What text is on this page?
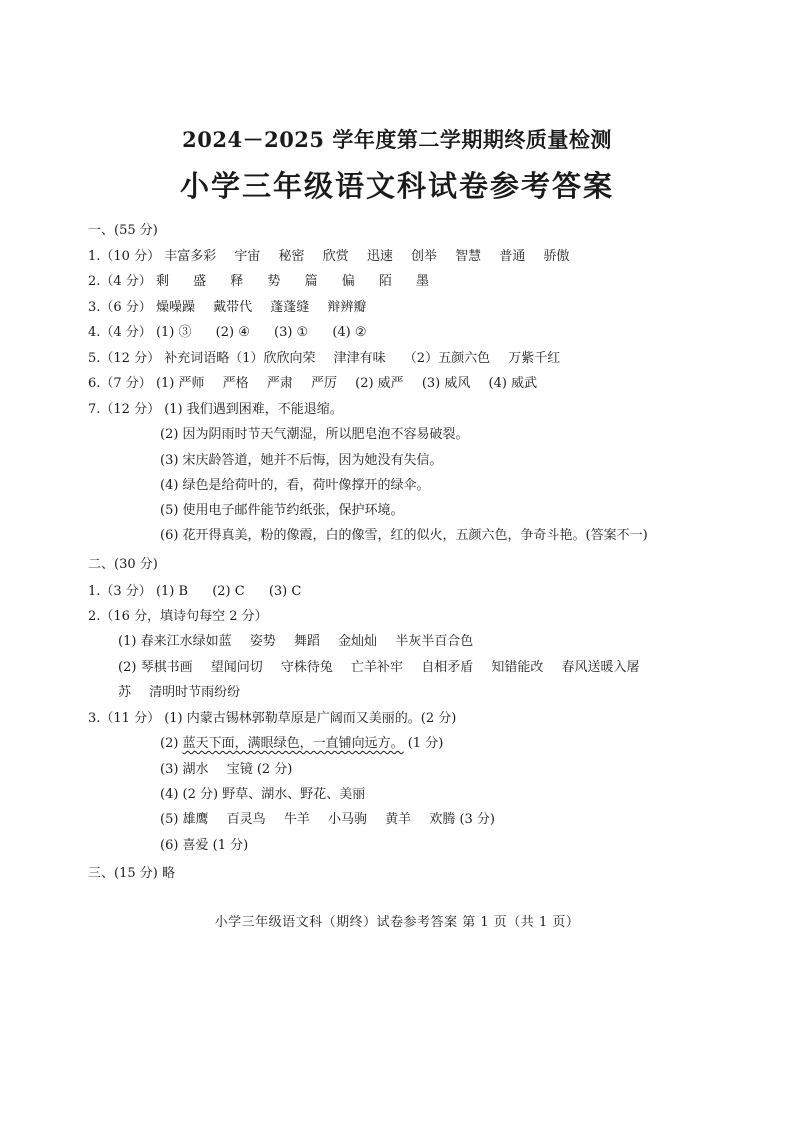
2024－2025 学年度第二学期期终质量检测
小学三年级语文科试卷参考答案
一、(55 分)
1.（10 分） 丰富多彩 宇宙 秘密 欣赏 迅速 创举 智慧 普通 骄傲
2.（4 分） 剩 盛 释 势 篇 偏 陌 墨
3.（6 分） 燥噪躁 戴带代 蓬蓬缝 辩辨瓣
4.（4 分） (1) ③ (2) ④ (3) ① (4) ②
5.（12 分） 补充词语略（1）欣欣向荣 津津有味 （2）五颜六色 万紫千红
6.（7 分） (1) 严师 严格 严肃 严厉 (2) 威严 (3) 威风 (4) 威武
7.（12 分） (1) 我们遇到困难，不能退缩。
(2) 因为阴雨时节天气潮湿，所以肥皂泡不容易破裂。
(3) 宋庆龄答道，她并不后悔，因为她没有失信。
(4) 绿色是给荷叶的，看，荷叶像撑开的绿伞。
(5) 使用电子邮件能节约纸张，保护环境。
(6) 花开得真美，粉的像霞，白的像雪，红的似火，五颜六色，争奇斗艳。(答案不一)
二、(30 分)
1.（3 分） (1) B (2) C (3) C
2.（16 分，填诗句每空 2 分）
(1) 春来江水绿如蓝 姿势 舞蹈 金灿灿 半灰半百合色
(2) 琴棋书画 望闻问切 守株待兔 亡羊补牢 自相矛盾 知错能改 春风送暖入屠
苏 清明时节雨纷纷
3.（11 分） (1) 内蒙古锡林郭勒草原是广阔而又美丽的。(2 分)
(2) 蓝天下面，满眼绿色，一直铺向远方。 (1 分)
(3) 湖水 宝镜 (2 分)
(4) (2 分) 野草、湖水、野花、美丽
(5) 雄鹰 百灵鸟 牛羊 小马驹 黄羊 欢腾 (3 分)
(6) 喜爱 (1 分)
三、(15 分) 略
小学三年级语文科（期终）试卷参考答案 第 1 页（共 1 页）
